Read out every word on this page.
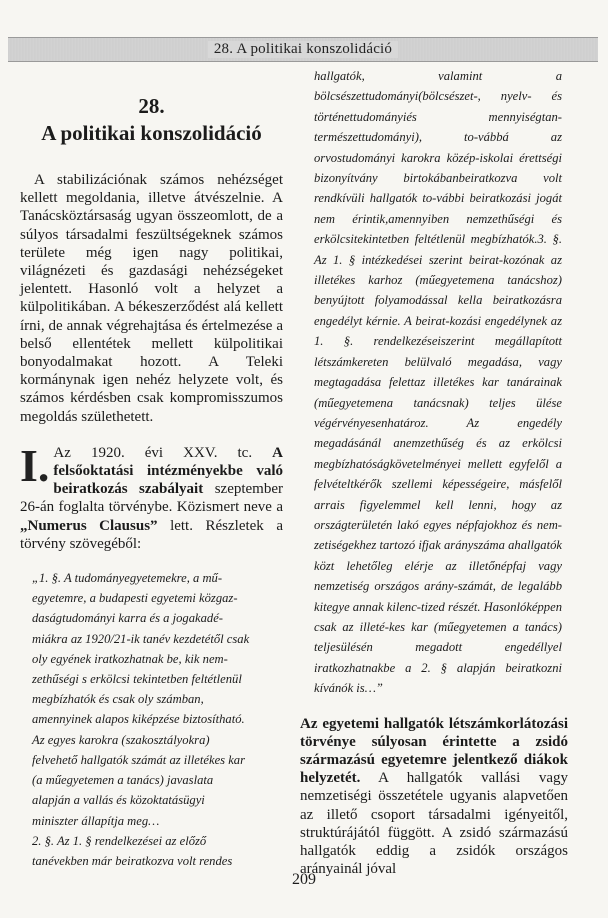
28. A politikai konszolidáció
28.
A politikai konszolidáció

A stabilizációnak számos nehézséget kellett megoldania, illetve átvészelnie. A Tanácsköztársaság ugyan összeomlott, de a súlyos társadalmi feszültségeknek számos területe még igen nagy politikai, világnézeti és gazdasági nehézségeket jelentett. Hasonló volt a helyzet a külpolitikában. A békeszerződést alá kellett írni, de annak végrehajtása és értelmezése a belső ellentétek mellett külpolitikai bonyodalmakat hozott. A Teleki kormánynak igen nehéz helyzete volt, és számos kérdésben csak kompromisszumos megoldás születhetett.

I. Az 1920. évi XXV. tc. A felsőoktatási intézményekbe való beiratkozás szabályait szeptember 26-án foglalta törvénybe. Közismert neve a „Numerus Clausus” lett. Részletek a törvény szövegéből:

„1. §. A tudományegyetemekre, a mű-
egyetemre, a budapesti egyetemi közgaz-
daságtudományi karra és a jogakadé-
miákra az 1920/21-ik tanév kezdetétől csak
oly egyének iratkozhatnak be, kik nem-
zethűségi s erkölcsi tekintetben feltétlenül
megbízhatók és csak oly számban,
amennyinek alapos kiképzése biztosítható.
Az egyes karokra (szakosztályokra)
felvehető hallgatók számát az illetékes kar
(a műegyetemen a tanács) javaslata
alapján a vallás és közoktatásügyi
miniszter állapítja meg…
2. §. Az 1. § rendelkezései az előző
tanévekben már beiratkozva volt rendes
hallgatók, valamint a bölcsészettudományi(bölcsészet-, nyelv- és történettudományiés mennyiségtan-természettudományi), to-vábbá az orvostudományi karokra közép-iskolai érettségi bizonyítvány birtokábanbeiratkozva volt rendkívüli hallgatók to-vábbi beiratkozási jogát nem érintik,amennyiben nemzethűségi és erkölcsitekintetben feltétlenül megbízhatók.3. §. Az 1. § intézkedései szerint beirat-kozónak az illetékes karhoz (műegyetemena tanácshoz) benyújtott folyamodással kella beiratkozásra engedélyt kérnie. A beirat-kozási engedélynek az 1. §. rendelkezéseiszerint megállapított létszámkereten belülvaló megadása, vagy megtagadása felettaz illetékes kar tanárainak (műegyetemena tanácsnak) teljes ülése végérvényesenhatároz. Az engedély megadásánál anemzethűség és az erkölcsi megbízhatóságkövetelményei mellett egyfelől a felvételtkérők szellemi képességeire, másfelől arrais figyelemmel kell lenni, hogy az országterületén lakó egyes népfajokhoz és nem-zetiségekhez tartozó ifjak arányszáma ahallgatók közt lehetőleg elérje az illetőnépfaj vagy nemzetiség országos arány-számát, de legalább kitegye annak kilenc-tized részét. Hasonlóképpen csak az illeté-kes kar (műegyetemen a tanács) teljesülésén megadott engedéllyel iratkozhatnakbe a 2. § alapján beiratkozni kívánók is…”

Az egyetemi hallgatók létszámkorlátozási törvénye súlyosan érintette a zsidó származású egyetemre jelentkező diákok helyzetét. A hallgatók vallási vagy nemzetiségi összetétele ugyanis alapvetően az illető csoport társadalmi igényeitől, struktúrájától függött. A zsidó származású hallgatók eddig a zsidók országos arányainál jóval

209
